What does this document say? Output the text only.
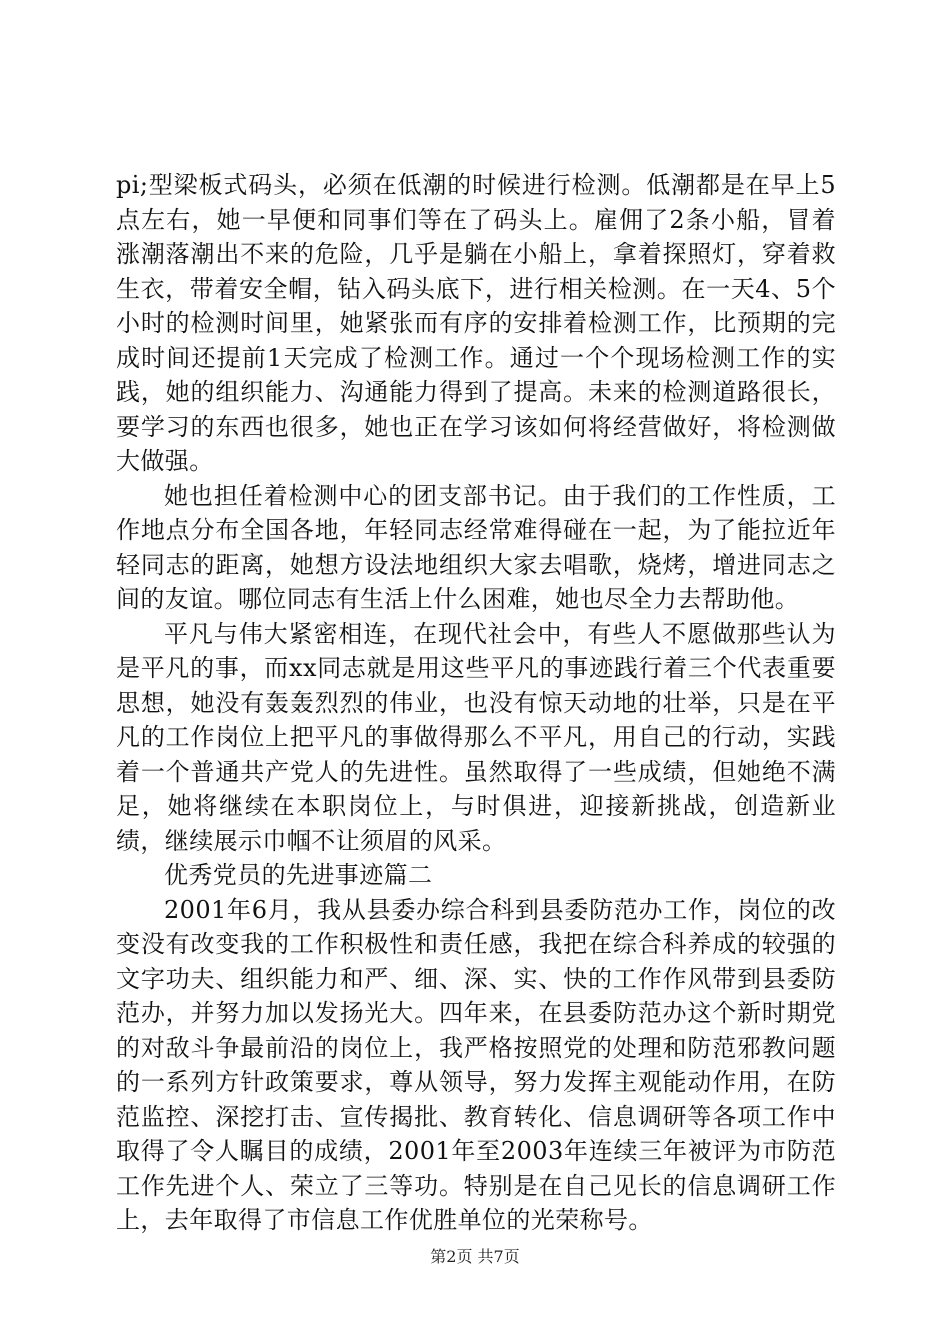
pi;型梁板式码头，必须在低潮的时候进行检测。低潮都是在早上5点左右，她一早便和同事们等在了码头上。雇佣了2条小船，冒着涨潮落潮出不来的危险，几乎是躺在小船上，拿着探照灯，穿着救生衣，带着安全帽，钻入码头底下，进行相关检测。在一天4、5个小时的检测时间里，她紧张而有序的安排着检测工作，比预期的完成时间还提前1天完成了检测工作。通过一个个现场检测工作的实践，她的组织能力、沟通能力得到了提高。未来的检测道路很长，要学习的东西也很多，她也正在学习该如何将经营做好，将检测做大做强。

她也担任着检测中心的团支部书记。由于我们的工作性质，工作地点分布全国各地，年轻同志经常难得碰在一起，为了能拉近年轻同志的距离，她想方设法地组织大家去唱歌，烧烤，增进同志之间的友谊。哪位同志有生活上什么困难，她也尽全力去帮助他。

平凡与伟大紧密相连，在现代社会中，有些人不愿做那些认为是平凡的事，而xx同志就是用这些平凡的事迹践行着三个代表重要思想，她没有轰轰烈烈的伟业，也没有惊天动地的壮举，只是在平凡的工作岗位上把平凡的事做得那么不平凡，用自己的行动，实践着一个普通共产党人的先进性。虽然取得了一些成绩，但她绝不满足，她将继续在本职岗位上，与时俱进，迎接新挑战，创造新业绩，继续展示巾帼不让须眉的风采。

优秀党员的先进事迹篇二

2001年6月，我从县委办综合科到县委防范办工作，岗位的改变没有改变我的工作积极性和责任感，我把在综合科养成的较强的文字功夫、组织能力和严、细、深、实、快的工作作风带到县委防范办，并努力加以发扬光大。四年来，在县委防范办这个新时期党的对敌斗争最前沿的岗位上，我严格按照党的处理和防范邪教问题的一系列方针政策要求，尊从领导，努力发挥主观能动作用，在防范监控、深挖打击、宣传揭批、教育转化、信息调研等各项工作中取得了令人瞩目的成绩，2001年至2003年连续三年被评为市防范工作先进个人、荣立了三等功。特别是在自己见长的信息调研工作上，去年取得了市信息工作优胜单位的光荣称号。

第2页 共7页
